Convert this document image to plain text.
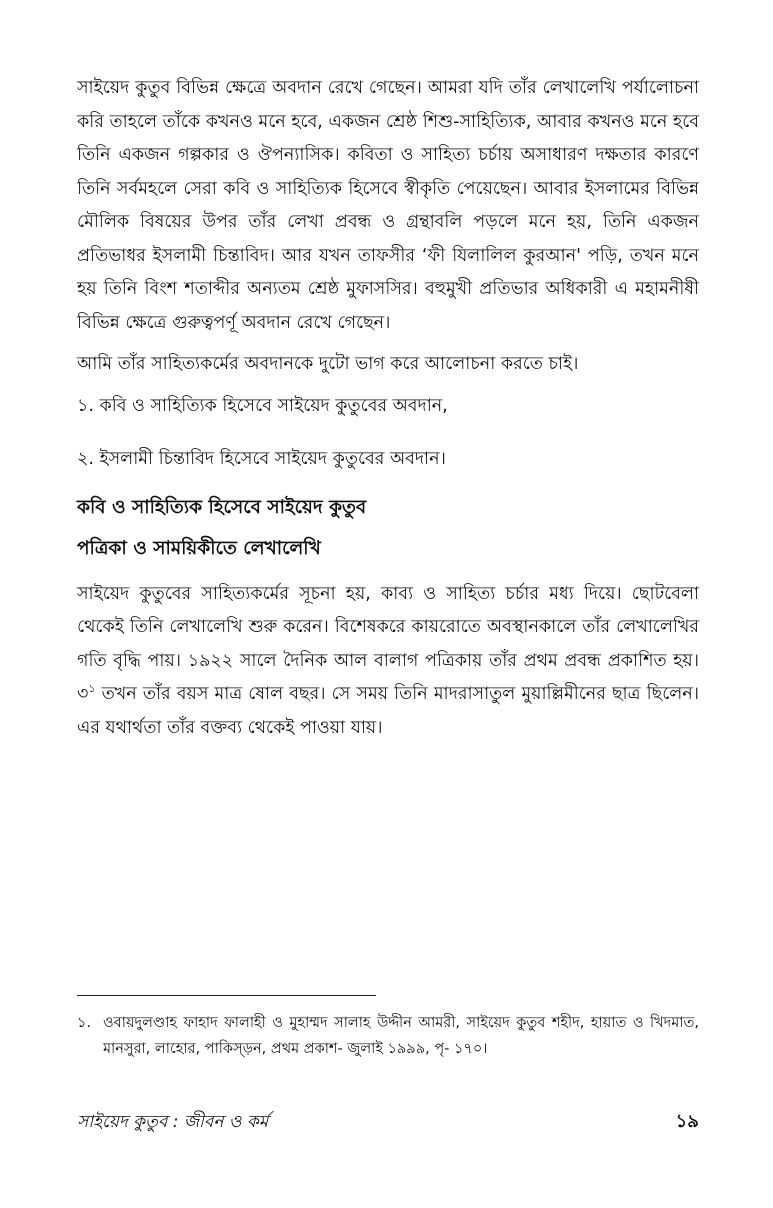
সাইয়েদ কুতুব বিভিন্ন ক্ষেত্রে অবদান রেখে গেছেন। আমরা যদি তাঁর লেখালেখি পর্যালোচনা করি তাহলে তাঁকে কখনও মনে হবে, একজন শ্রেষ্ঠ শিশু-সাহিত্যিক, আবার কখনও মনে হবে তিনি একজন গল্পকার ও ঔপন্যাসিক। কবিতা ও সাহিত্য চর্চায় অসাধারণ দক্ষতার কারণে তিনি সর্বমহলে সেরা কবি ও সাহিত্যিক হিসেবে স্বীকৃতি পেয়েছেন। আবার ইসলামের বিভিন্ন মৌলিক বিষয়ের উপর তাঁর লেখা প্রবন্ধ ও গ্রন্থাবলি পড়লে মনে হয়, তিনি একজন প্রতিভাধর ইসলামী চিন্তাবিদ। আর যখন তাফসীর ‘ফী যিলালিল কুরআন' পড়ি, তখন মনে হয় তিনি বিংশ শতাব্দীর অন্যতম শ্রেষ্ঠ মুফাসসির। বহুমুখী প্রতিভার অধিকারী এ মহামনীষী বিভিন্ন ক্ষেত্রে গুরুত্বপর্ণূ অবদান রেখে গেছেন।

আমি তাঁর সাহিত্যকর্মের অবদানকে দুটো ভাগ করে আলোচনা করতে চাই।

১. কবি ও সাহিত্যিক হিসেবে সাইয়েদ কুতুবের অবদান,

২. ইসলামী চিন্তাবিদ হিসেবে সাইয়েদ কুতুবের অবদান।

কবি ও সাহিত্যিক হিসেবে সাইয়েদ কুতুব

পত্রিকা ও সাময়িকীতে লেখালেখি

সাইয়েদ কুতুবের সাহিত্যকর্মের সূচনা হয়, কাব্য ও সাহিত্য চর্চার মধ্য দিয়ে। ছোটবেলা থেকেই তিনি লেখালেখি শুরু করেন। বিশেষকরে কায়রোতে অবস্থানকালে তাঁর লেখালেখির গতি বৃদ্ধি পায়। ১৯২২ সালে দৈনিক আল বালাগ পত্রিকায় তাঁর প্রথম প্রবন্ধ প্রকাশিত $হয়।৩^১$ তখন তাঁর বয়স মাত্র ষোল বছর। সে সময় তিনি মাদরাসাতুল মুয়াল্লিমীনের ছাত্র ছিলেন। এর যথার্থতা তাঁর বক্তব্য থেকেই পাওয়া যায়।

১. ওবায়দুলণ্ডাহ ফাহাদ ফালাহী ও মুহাম্মদ সালাহ উদ্দীন আমরী, সাইয়েদ কুতুব শহীদ, হায়াত ও খিদমাত, মানসুরা, লাহোর, পাকিস্ড়ন, প্রথম প্রকাশ- জুলাই ১৯৯৯, পৃ- ১৭০।
সাইয়েদ কুতুব : জীবন ও কর্ম	১৯
